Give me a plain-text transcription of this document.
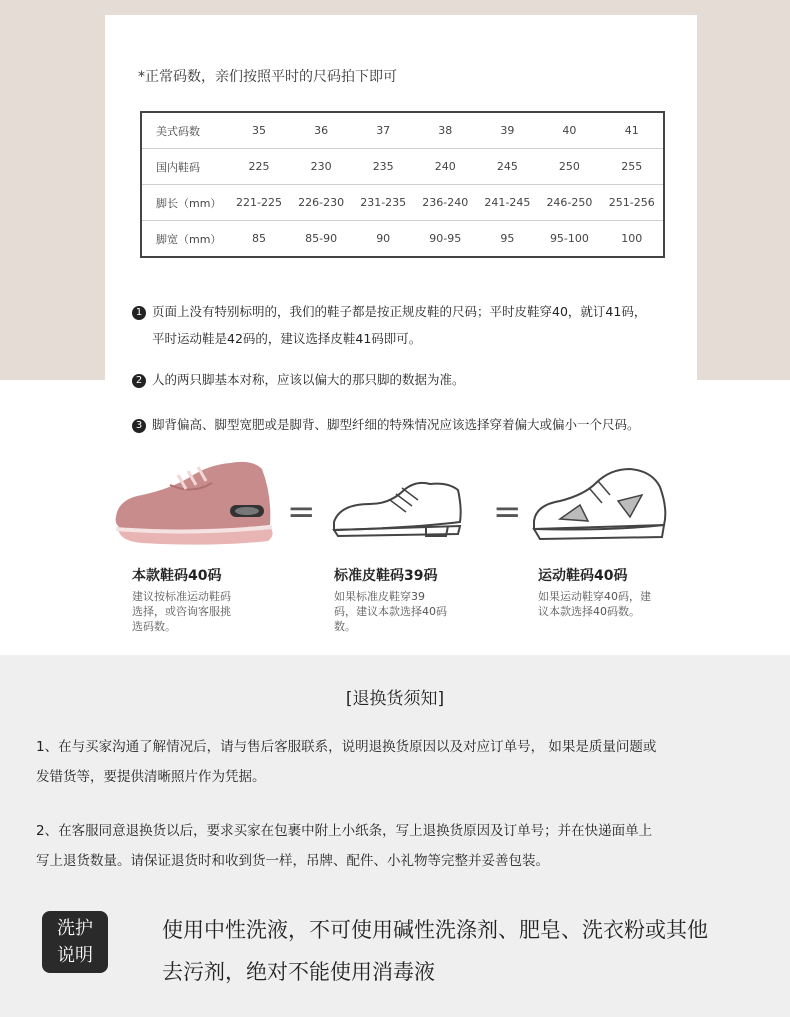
*正常码数，亲们按照平时的尺码拍下即可
美式码数	35	36	37	38	39	40	41
国内鞋码	225	230	235	240	245	250	255
脚长（mm）	221-225	226-230	231-235	236-240	241-245	246-250	251-256
脚宽（mm）	85	85-90	90	90-95	95	95-100	100
1 页面上没有特别标明的，我们的鞋子都是按正规皮鞋的尺码；平时皮鞋穿40，就订41码，
平时运动鞋是42码的，建议选择皮鞋41码即可。
2 人的两只脚基本对称，应该以偏大的那只脚的数据为准。
3 脚背偏高、脚型宽肥或是脚背、脚型纤细的特殊情况应该选择穿着偏大或偏小一个尺码。
=	=
本款鞋码40码
建议按标准运动鞋码
选择，或咨询客服挑
选码数。
标准皮鞋码39码
如果标准皮鞋穿39
码，建议本款选择40码
数。
运动鞋码40码
如果运动鞋穿40码，建
议本款选择40码数。
[退换货须知]
1、在与买家沟通了解情况后，请与售后客服联系，说明退换货原因以及对应订单号， 如果是质量问题或
发错货等，要提供清晰照片作为凭据。
2、在客服同意退换货以后，要求买家在包裹中附上小纸条，写上退换货原因及订单号；并在快递面单上
写上退货数量。请保证退货时和收到货一样，吊牌、配件、小礼物等完整并妥善包装。
洗护
说明
使用中性洗液，不可使用碱性洗涤剂、肥皂、洗衣粉或其他
去污剂，绝对不能使用消毒液
